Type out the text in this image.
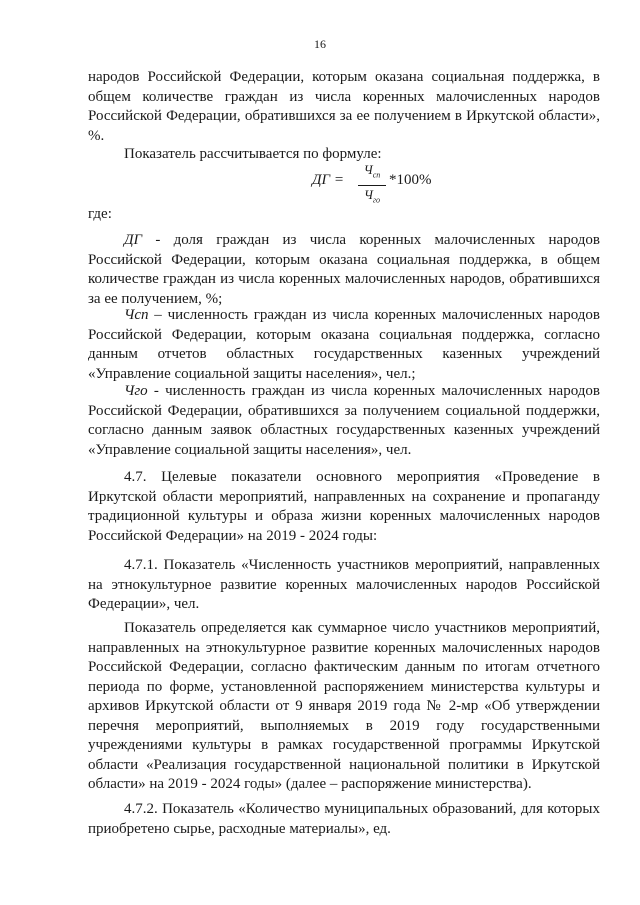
16
народов Российской Федерации, которым оказана социальная поддержка, в общем количестве граждан из числа коренных малочисленных народов Российской Федерации, обратившихся за ее получением в Иркутской области», %.
Показатель рассчитывается по формуле:
ДГ =
$Ч_{сп}$
$Ч_{го}$
*100%
где:
ДГ - доля граждан из числа коренных малочисленных народов Российской Федерации, которым оказана социальная поддержка, в общем количестве граждан из числа коренных малочисленных народов, обратившихся за ее получением, %;
Чсп – численность граждан из числа коренных малочисленных народов Российской Федерации, которым оказана социальная поддержка, согласно данным отчетов областных государственных казенных учреждений «Управление социальной защиты населения», чел.;
Чго - численность граждан из числа коренных малочисленных народов Российской Федерации, обратившихся за получением социальной поддержки, согласно данным заявок областных государственных казенных учреждений «Управление социальной защиты населения», чел.
4.7. Целевые показатели основного мероприятия «Проведение в Иркутской области мероприятий, направленных на сохранение и пропаганду традиционной культуры и образа жизни коренных малочисленных народов Российской Федерации» на 2019 - 2024 годы:
4.7.1. Показатель «Численность участников мероприятий, направленных на этнокультурное развитие коренных малочисленных народов Российской Федерации», чел.
Показатель определяется как суммарное число участников мероприятий, направленных на этнокультурное развитие коренных малочисленных народов Российской Федерации, согласно фактическим данным по итогам отчетного периода по форме, установленной распоряжением министерства культуры и архивов Иркутской области от 9 января 2019 года № 2-мр «Об утверждении перечня мероприятий, выполняемых в 2019 году государственными учреждениями культуры в рамках государственной программы Иркутской области «Реализация государственной национальной политики в Иркутской области» на 2019 - 2024 годы» (далее – распоряжение министерства).
4.7.2. Показатель «Количество муниципальных образований, для которых приобретено сырье, расходные материалы», ед.
